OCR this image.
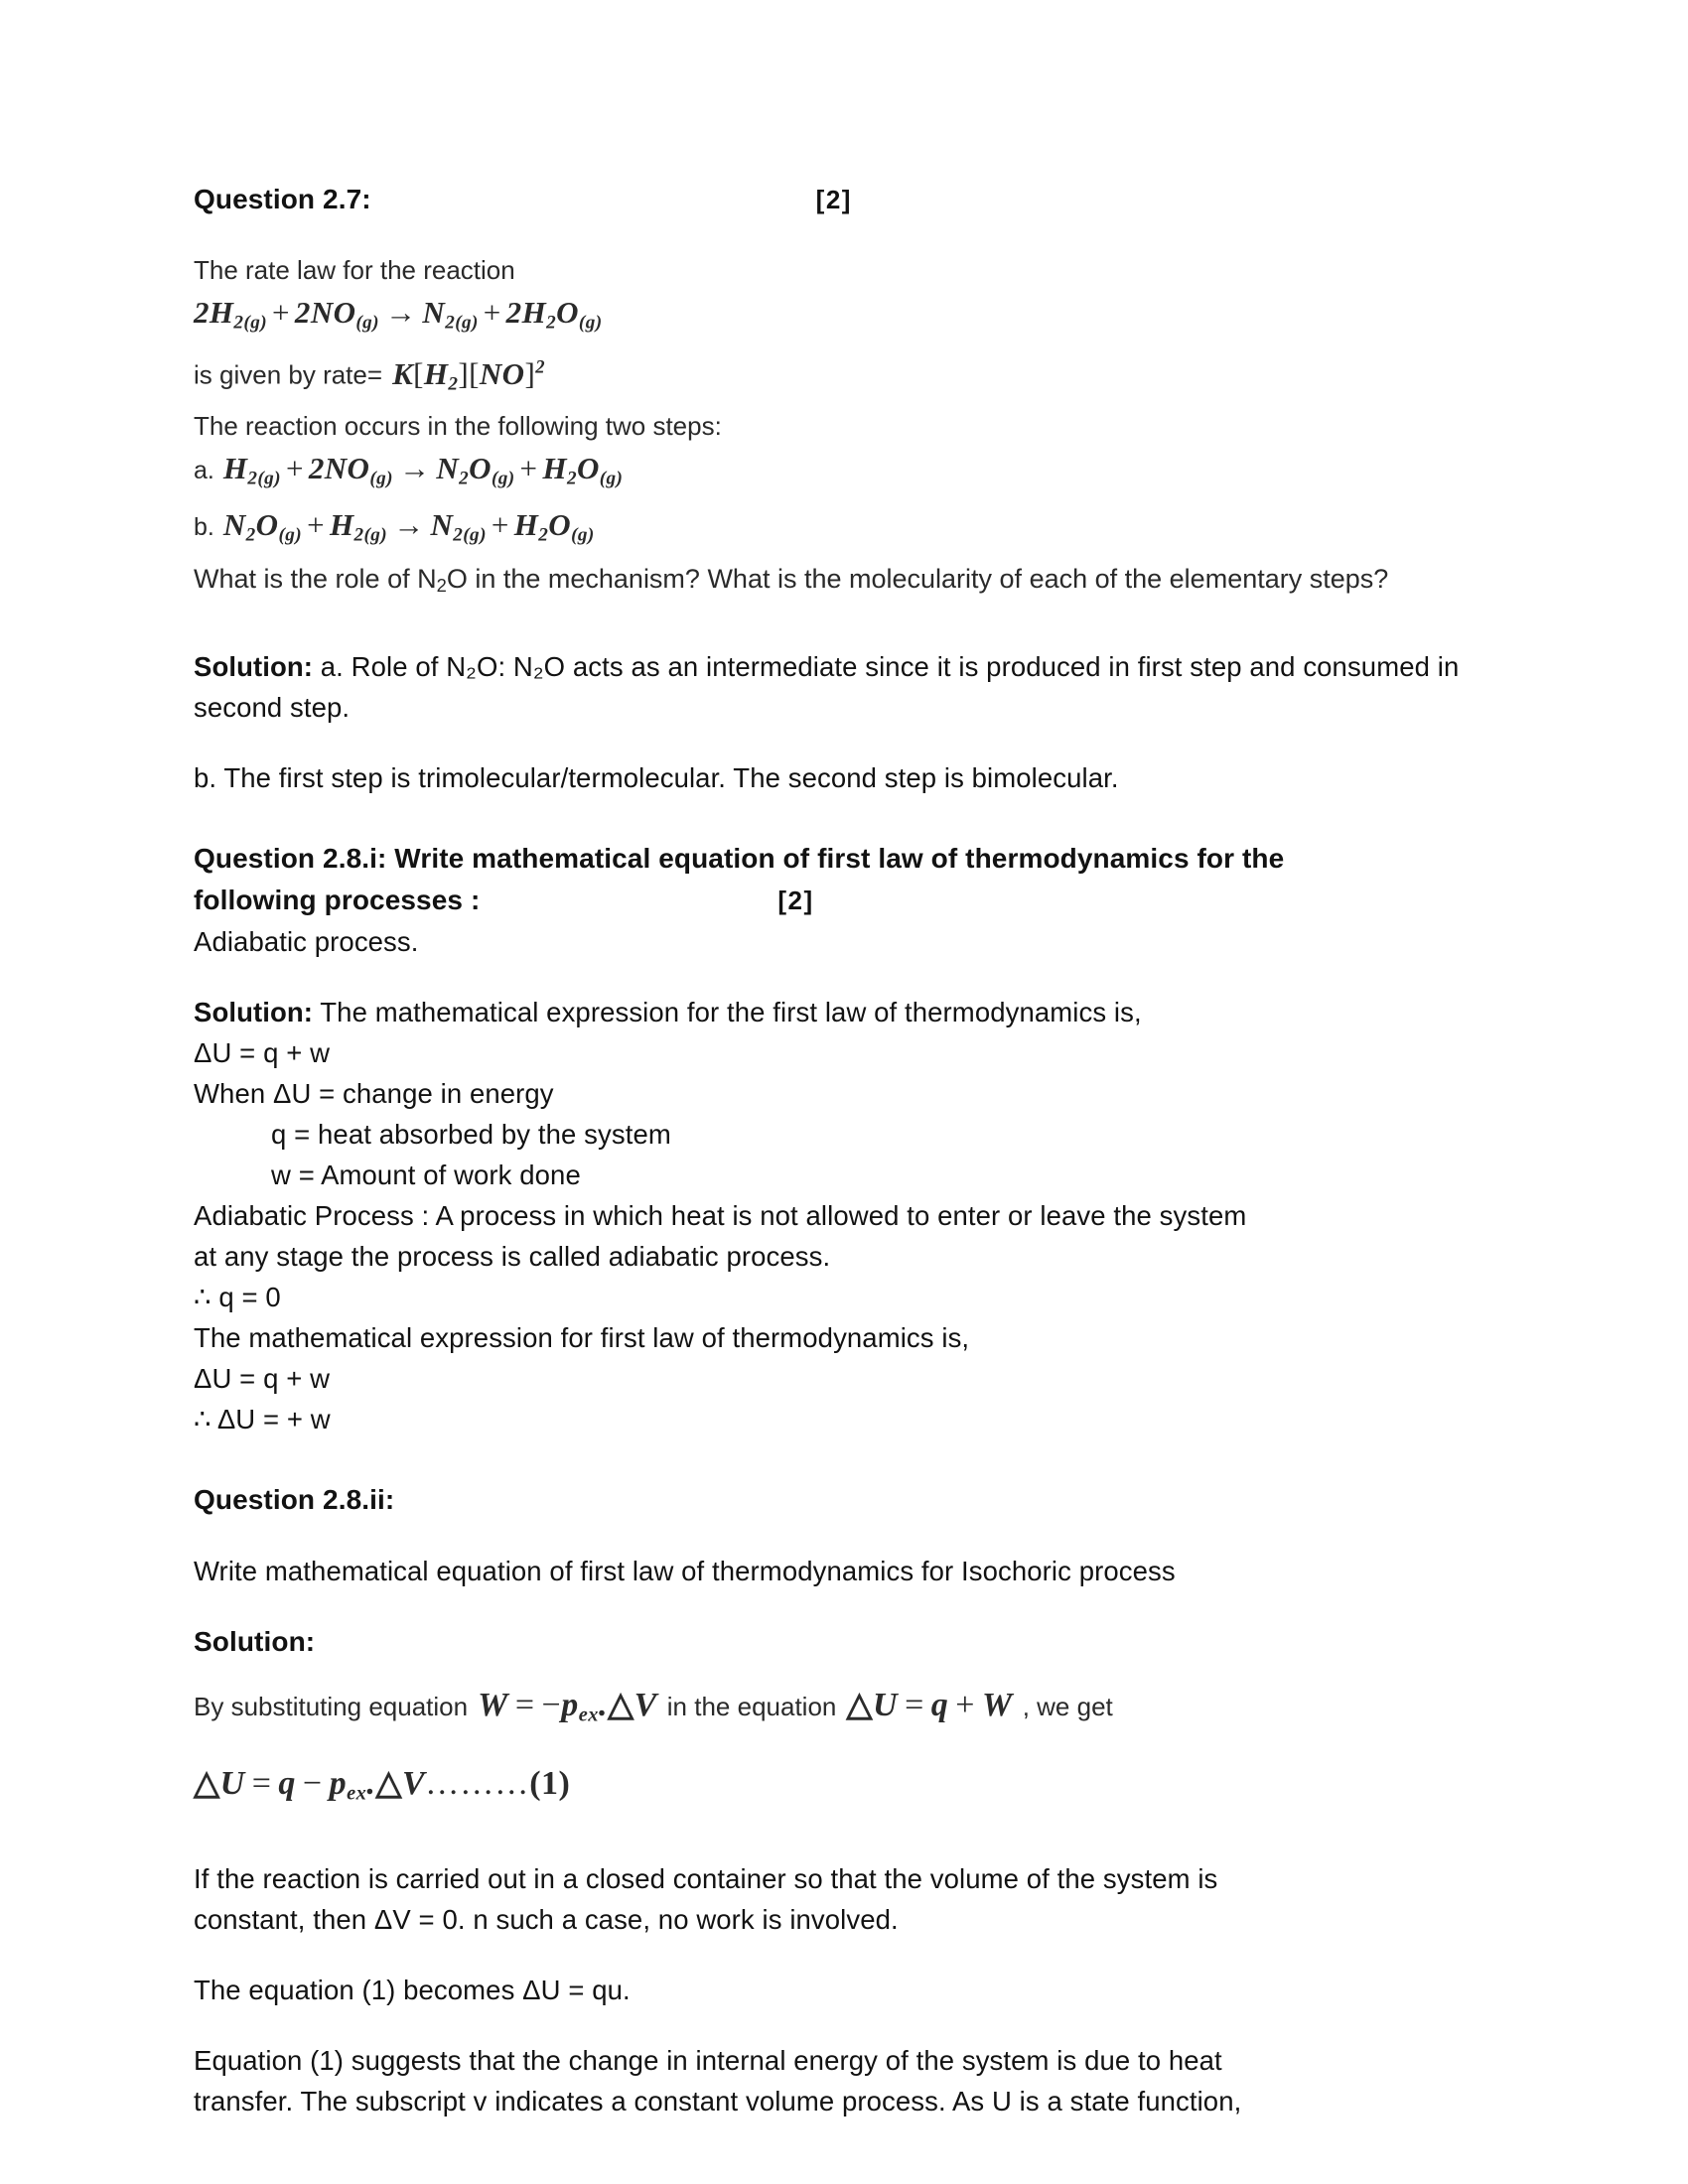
Question 2.7:	[2]
The rate law for the reaction
$2H_{2(g)} + 2NO_{(g)} \to N_{2(g)} + 2H_2O_{(g)}$
is given by rate= $K[H_2][NO]^2$
The reaction occurs in the following two steps:
a. $H_{2(g)} + 2NO_{(g)} \to N_2O_{(g)} + H_2O_{(g)}$
b. $N_2O_{(g)} + H_{2(g)} \to N_{2(g)} + H_2O_{(g)}$
What is the role of N2O in the mechanism? What is the molecularity of each of the elementary steps?

Solution: a. Role of N₂O: N₂O acts as an intermediate since it is produced in first step and consumed in second step.

b. The first step is trimolecular/termolecular. The second step is bimolecular.

Question 2.8.i: Write mathematical equation of first law of thermodynamics for the
following processes :	[2]
Adiabatic process.

Solution: The mathematical expression for the first law of thermodynamics is,

ΔU = q + w
When ΔU = change in energy
q = heat absorbed by the system
w = Amount of work done
Adiabatic Process : A process in which heat is not allowed to enter or leave the system
at any stage the process is called adiabatic process.
∴ q = 0
The mathematical expression for first law of thermodynamics is,
ΔU = q + w
∴ ΔU = + w
Question 2.8.ii:
Write mathematical equation of first law of thermodynamics for Isochoric process
Solution:
By substituting equation $W = -p_{ex}.\triangle V$ in the equation △U = q + W , we get
△U = $q - p_{ex}.\triangle V\dots\dots\dots(1)$
If the reaction is carried out in a closed container so that the volume of the system is
constant, then ΔV = 0. n such a case, no work is involved.
The equation (1) becomes ΔU = qu.
Equation (1) suggests that the change in internal energy of the system is due to heat
transfer. The subscript v indicates a constant volume process. As U is a state function,
